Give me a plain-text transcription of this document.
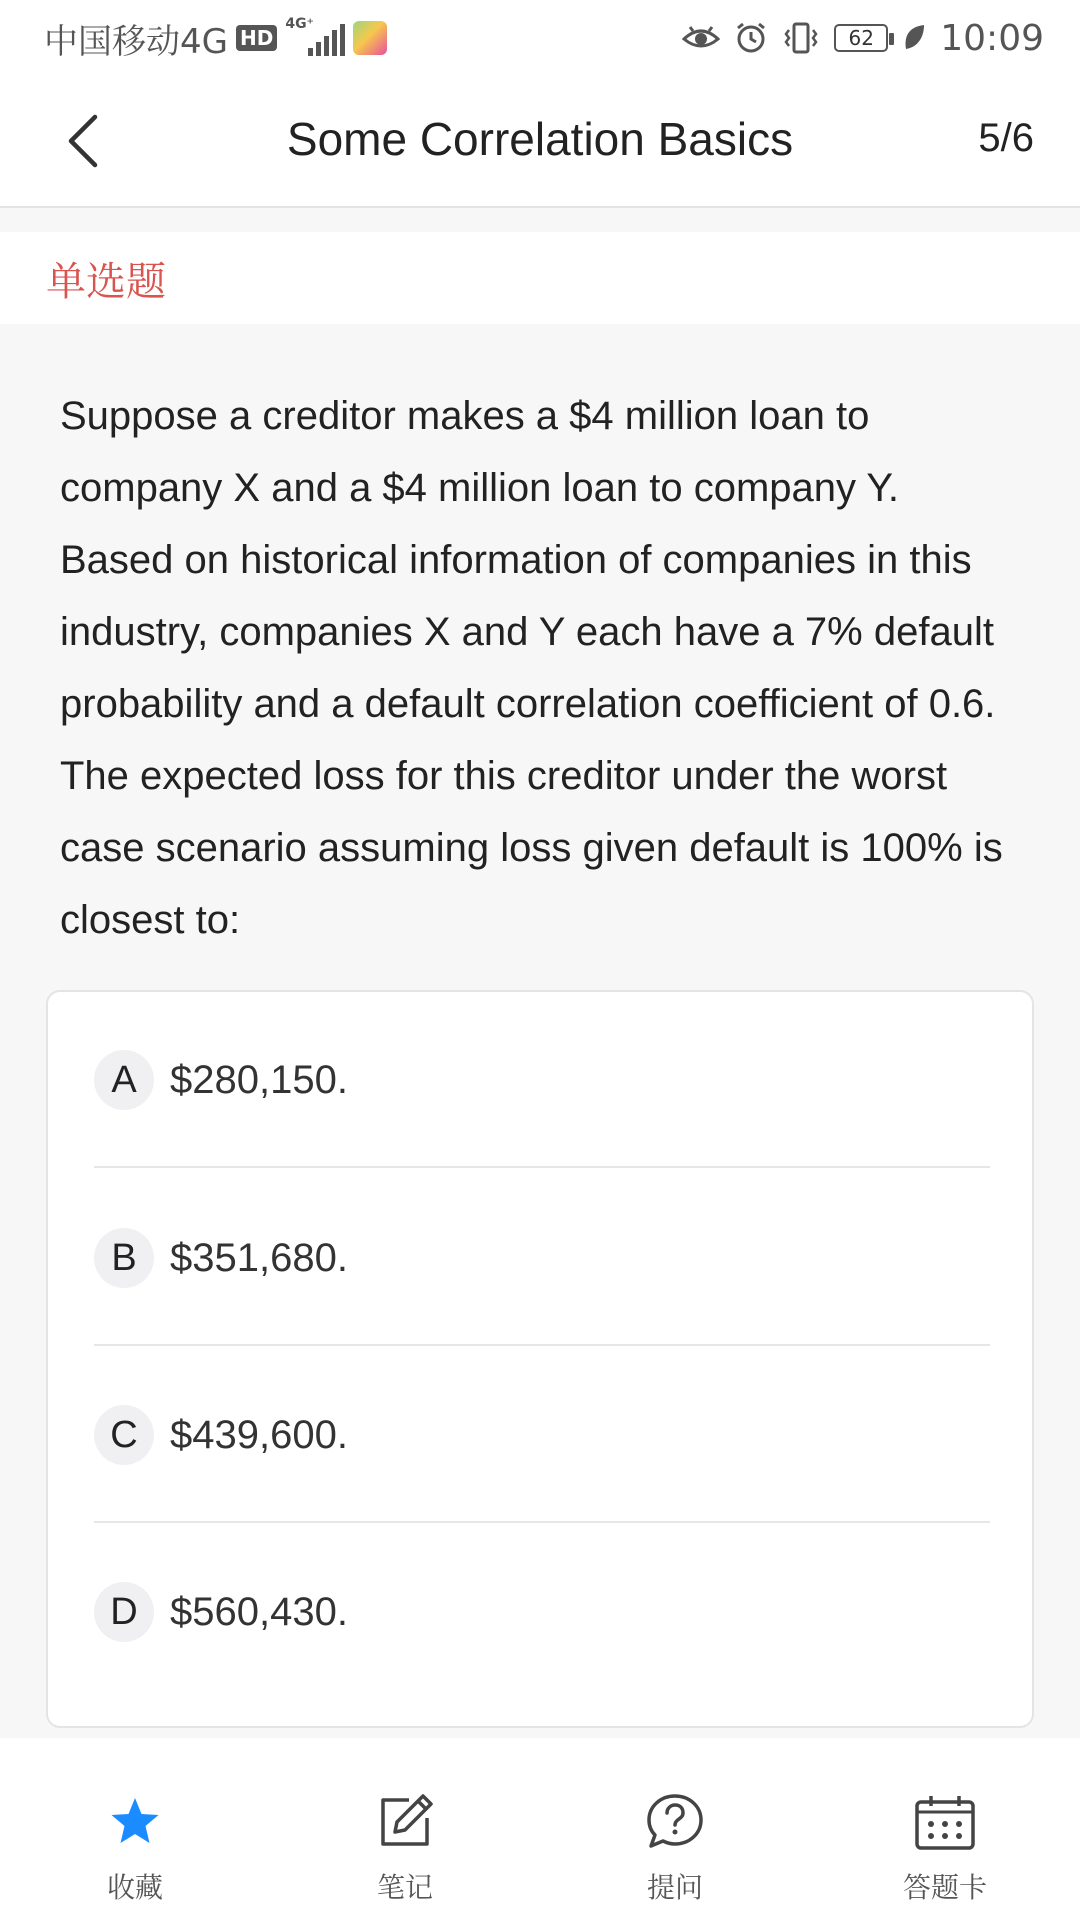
中国移动4G HD
4G⁺
62	10:09
Some Correlation Basics	5/6
单选题
Suppose a creditor makes a $4 million loan to company X and a $4 million loan to company Y. Based on historical information of companies in this industry, companies X and Y each have a 7% default probability and a default correlation coefficient of 0.6. The expected loss for this creditor under the worst case scenario assuming loss given default is 100% is closest to:
A $280,150.
B $351,680.
C $439,600.
D $560,430.
收藏	笔记	提问	答题卡
